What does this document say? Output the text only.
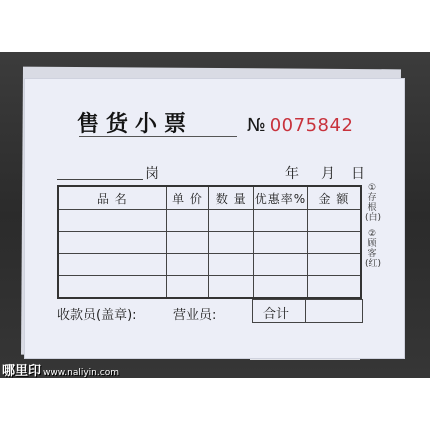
售货小票	№ 0075842
岗	年 月 日
品 名	单 价	数 量	优惠率%	金 额

①存根(白)
②顾客(红)
收款员(盖章):	营业员:	合计
哪里印 www.naliyin.com
